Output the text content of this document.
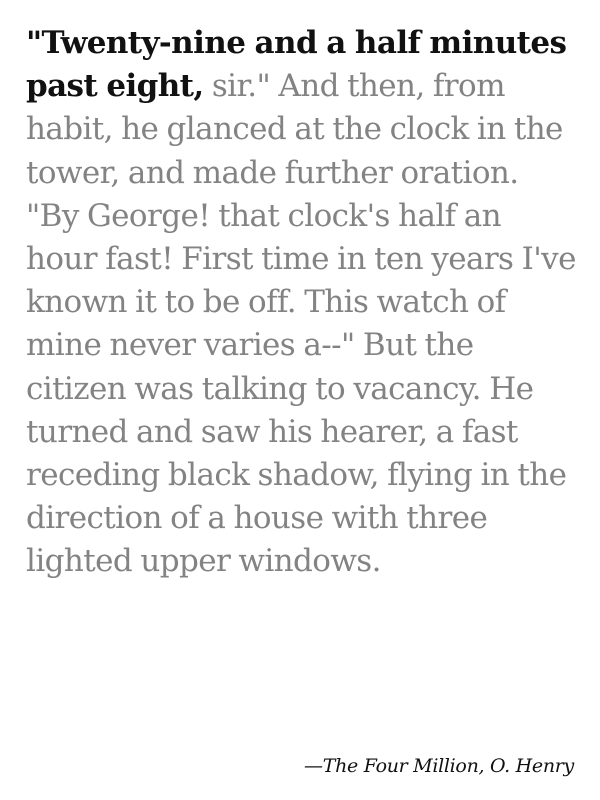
"Twenty-nine and a half minutes past eight, sir." And then, from habit, he glanced at the clock in the tower, and made further oration. "By George! that clock's half an hour fast! First time in ten years I've known it to be off. This watch of mine never varies a--" But the citizen was talking to vacancy. He turned and saw his hearer, a fast receding black shadow, flying in the direction of a house with three lighted upper windows.

—The Four Million, O. Henry
